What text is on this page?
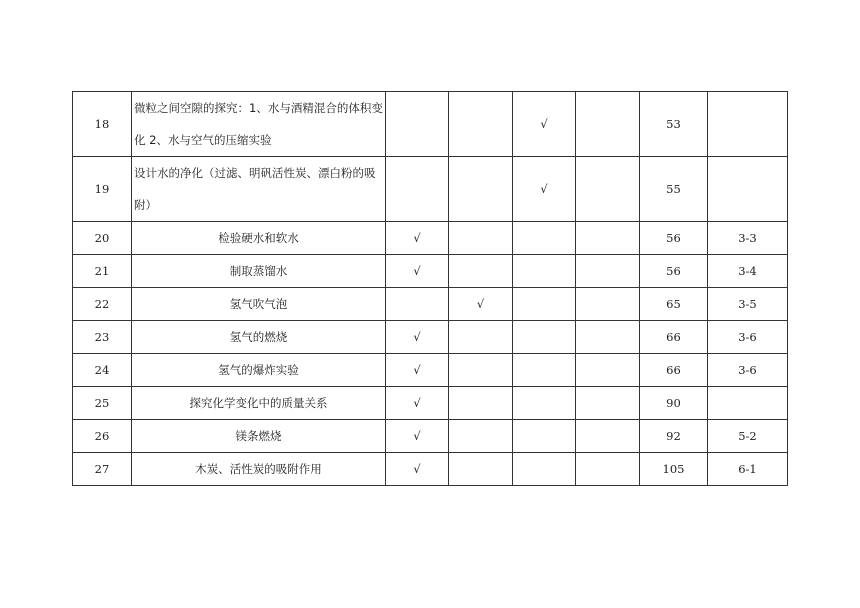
18	微粒之间空隙的探究：1、水与酒精混合的体积变化 2、水与空气的压缩实验			√		53	
19	设计水的净化（过滤、明矾活性炭、漂白粉的吸附）			√		55	
20	检验硬水和软水	√				56	3-3
21	制取蒸馏水	√				56	3-4
22	氢气吹气泡		√			65	3-5
23	氢气的燃烧	√				66	3-6
24	氢气的爆炸实验	√				66	3-6
25	探究化学变化中的质量关系	√				90	
26	镁条燃烧	√				92	5-2
27	木炭、活性炭的吸附作用	√				105	6-1
